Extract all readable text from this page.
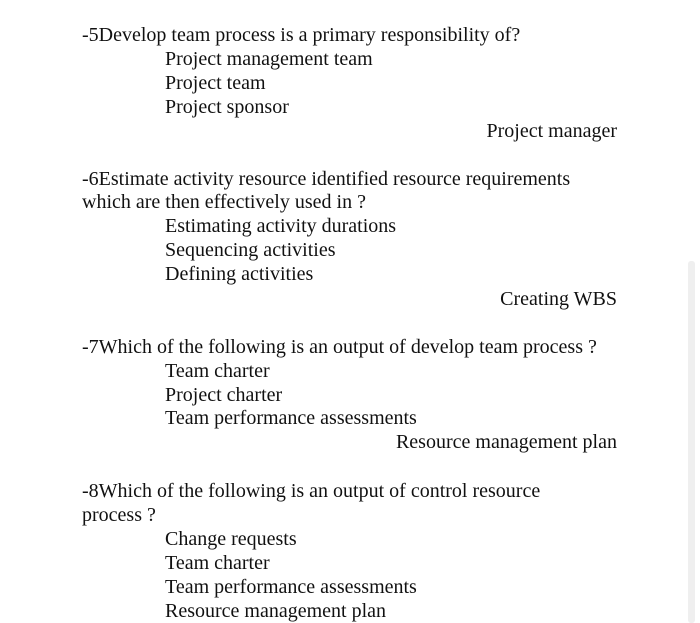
-5Develop team process is a primary responsibility of?
Project management team
Project team
Project sponsor
Project manager
-6Estimate activity resource identified resource requirements
which are then effectively used in ?
Estimating activity durations
Sequencing activities
Defining activities
Creating WBS
-7Which of the following is an output of develop team process ?
Team charter
Project charter
Team performance assessments
Resource management plan
-8Which of the following is an output of control resource
process ?
Change requests
Team charter
Team performance assessments
Resource management plan
